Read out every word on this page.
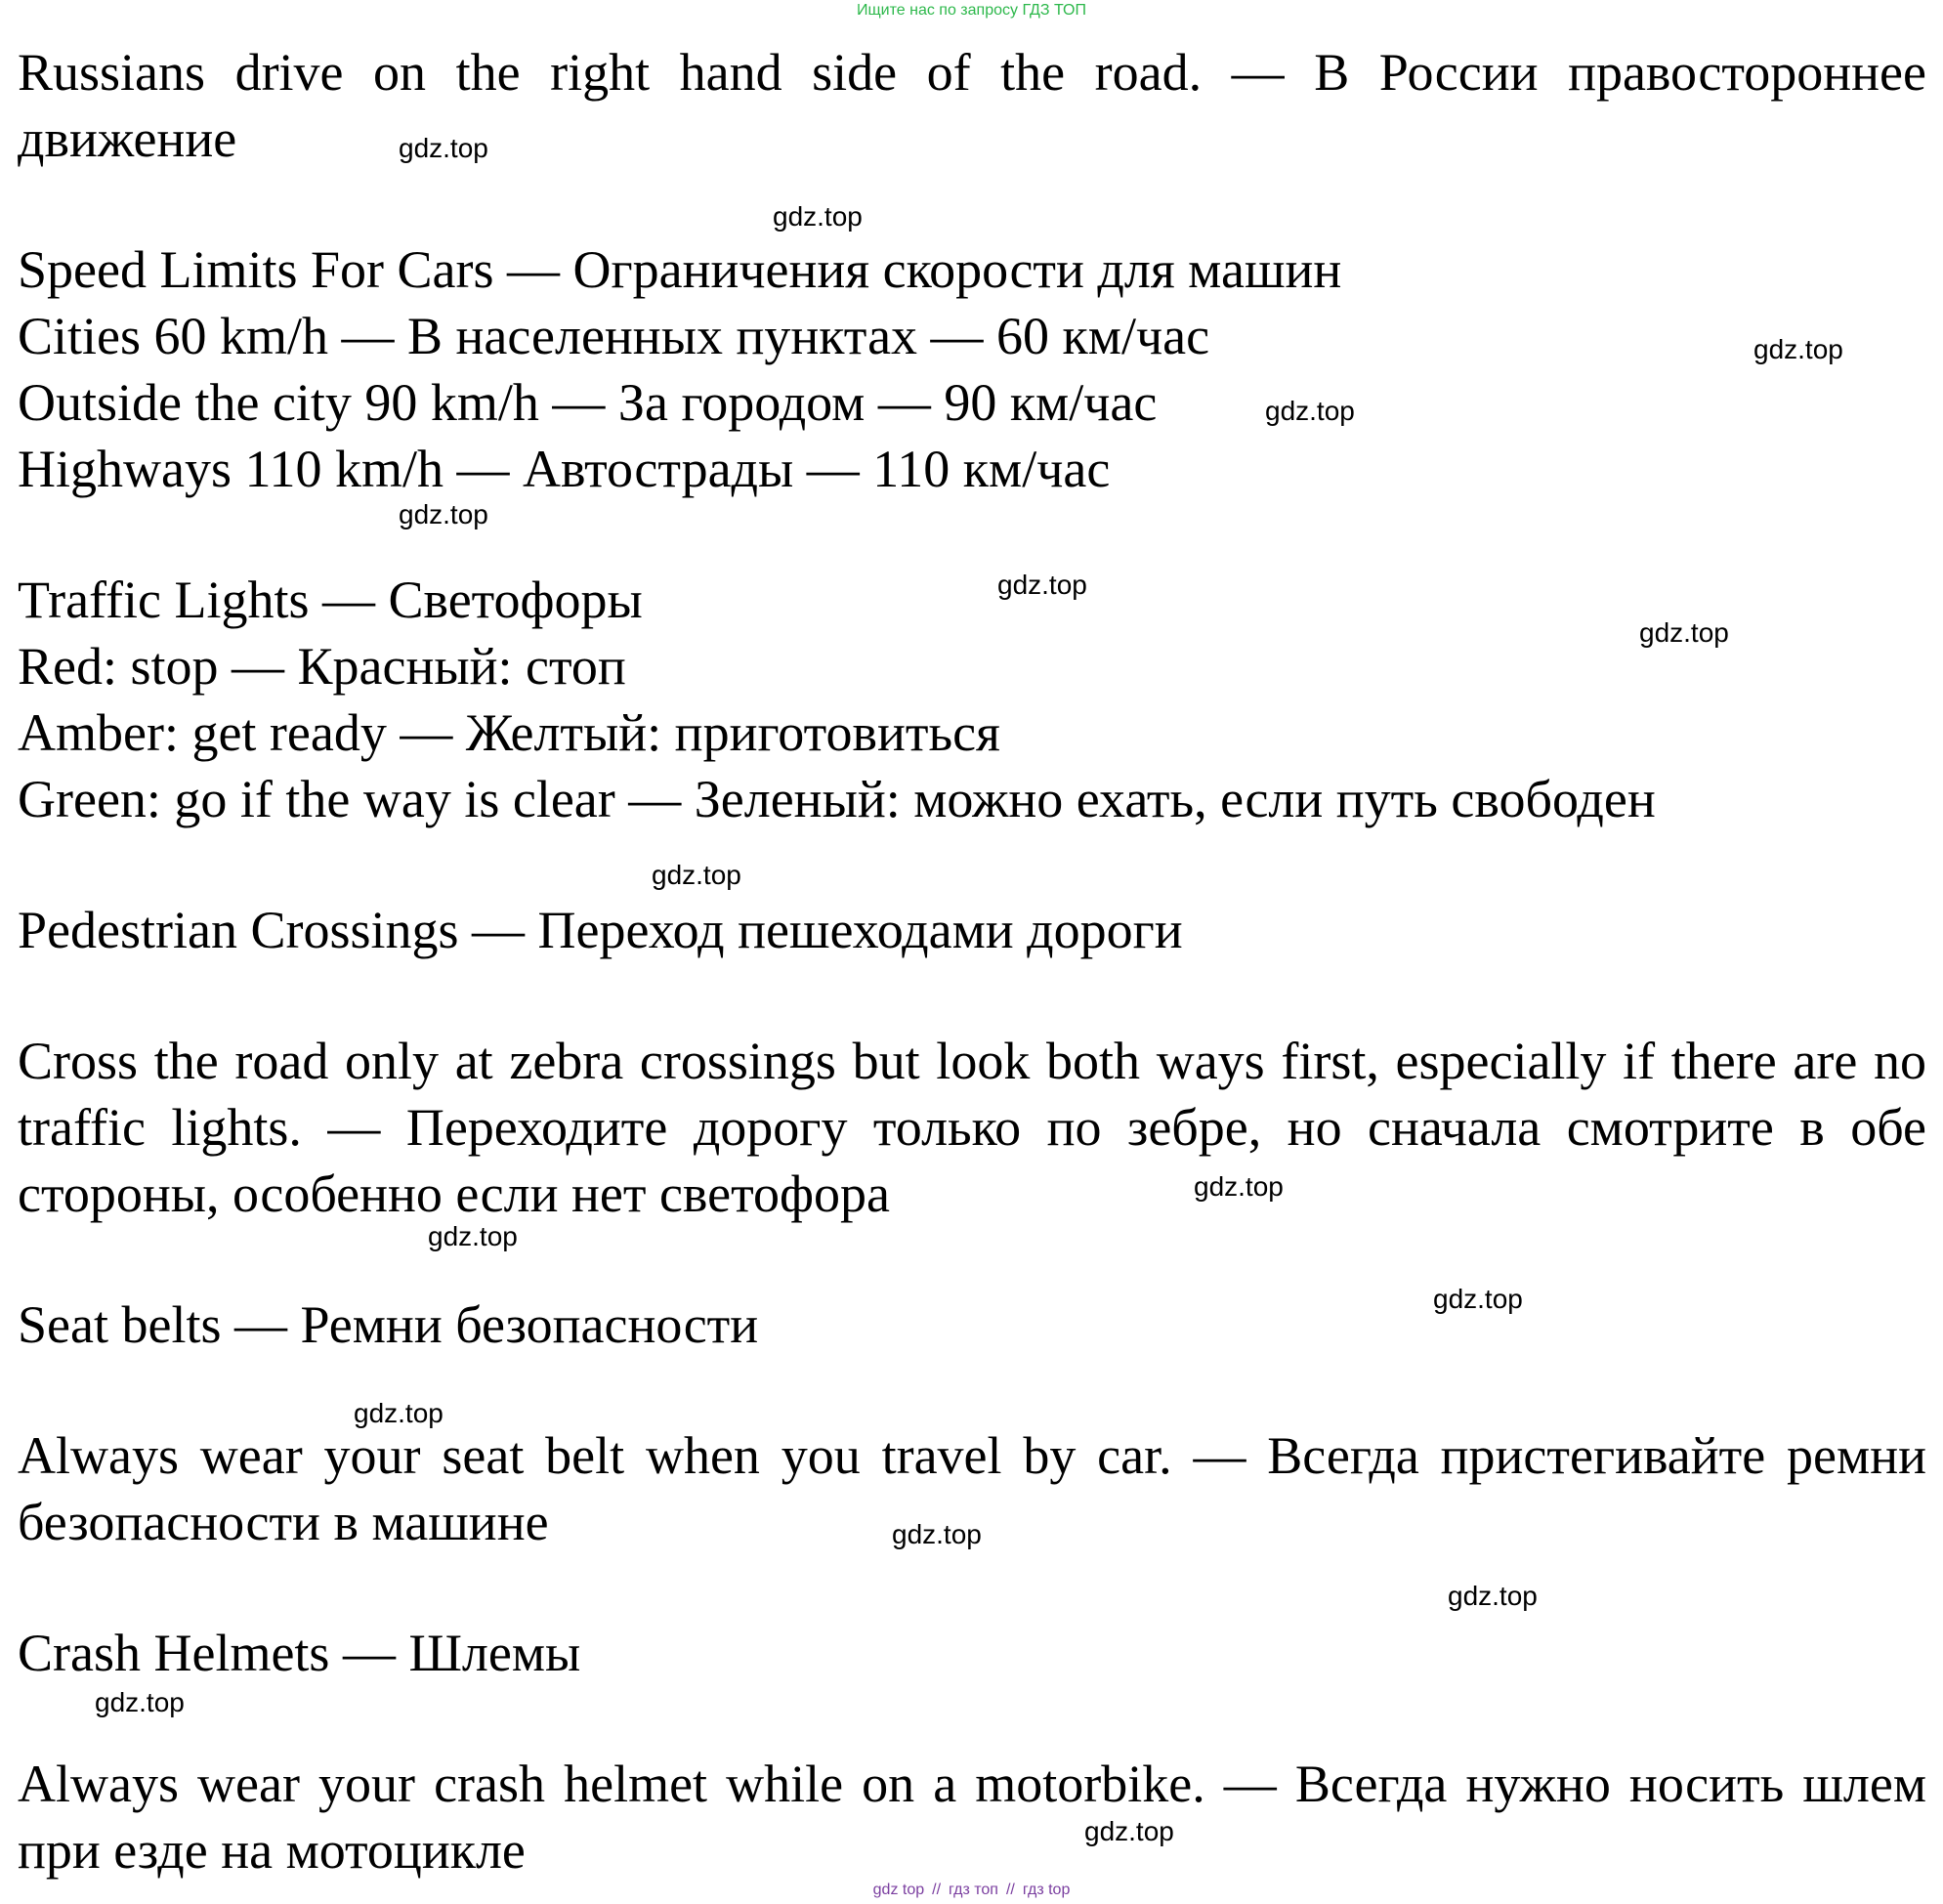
Ищите нас по запросу ГДЗ ТОП

Russians drive on the right hand side of the road. — В России правостороннее движение

Speed Limits For Cars — Ограничения скорости для машин

Cities 60 km/h — В населенных пунктах — 60 км/час

Outside the city 90 km/h — За городом — 90 км/час

Highways 110 km/h — Автострады — 110 км/час

Traffic Lights — Светофоры

Red: stop — Красный: стоп

Amber: get ready — Желтый: приготовиться

Green: go if the way is clear — Зеленый: можно ехать, если путь свободен

Pedestrian Crossings — Переход пешеходами дороги

Cross the road only at zebra crossings but look both ways first, especially if there are no traffic lights. — Переходите дорогу только по зебре, но сначала смотрите в обе стороны, особенно если нет светофора

Seat belts — Ремни безопасности

Always wear your seat belt when you travel by car. — Всегда пристегивайте ремни безопасности в машине

Crash Helmets — Шлемы

Always wear your crash helmet while on a motorbike. — Всегда нужно носить шлем при езде на мотоцикле

gdz.top
gdz.top
gdz.top
gdz.top
gdz.top
gdz.top
gdz.top
gdz.top
gdz.top
gdz.top
gdz.top
gdz.top
gdz.top
gdz.top
gdz.top
gdz.top
gdz top // гдз топ // гдз top
